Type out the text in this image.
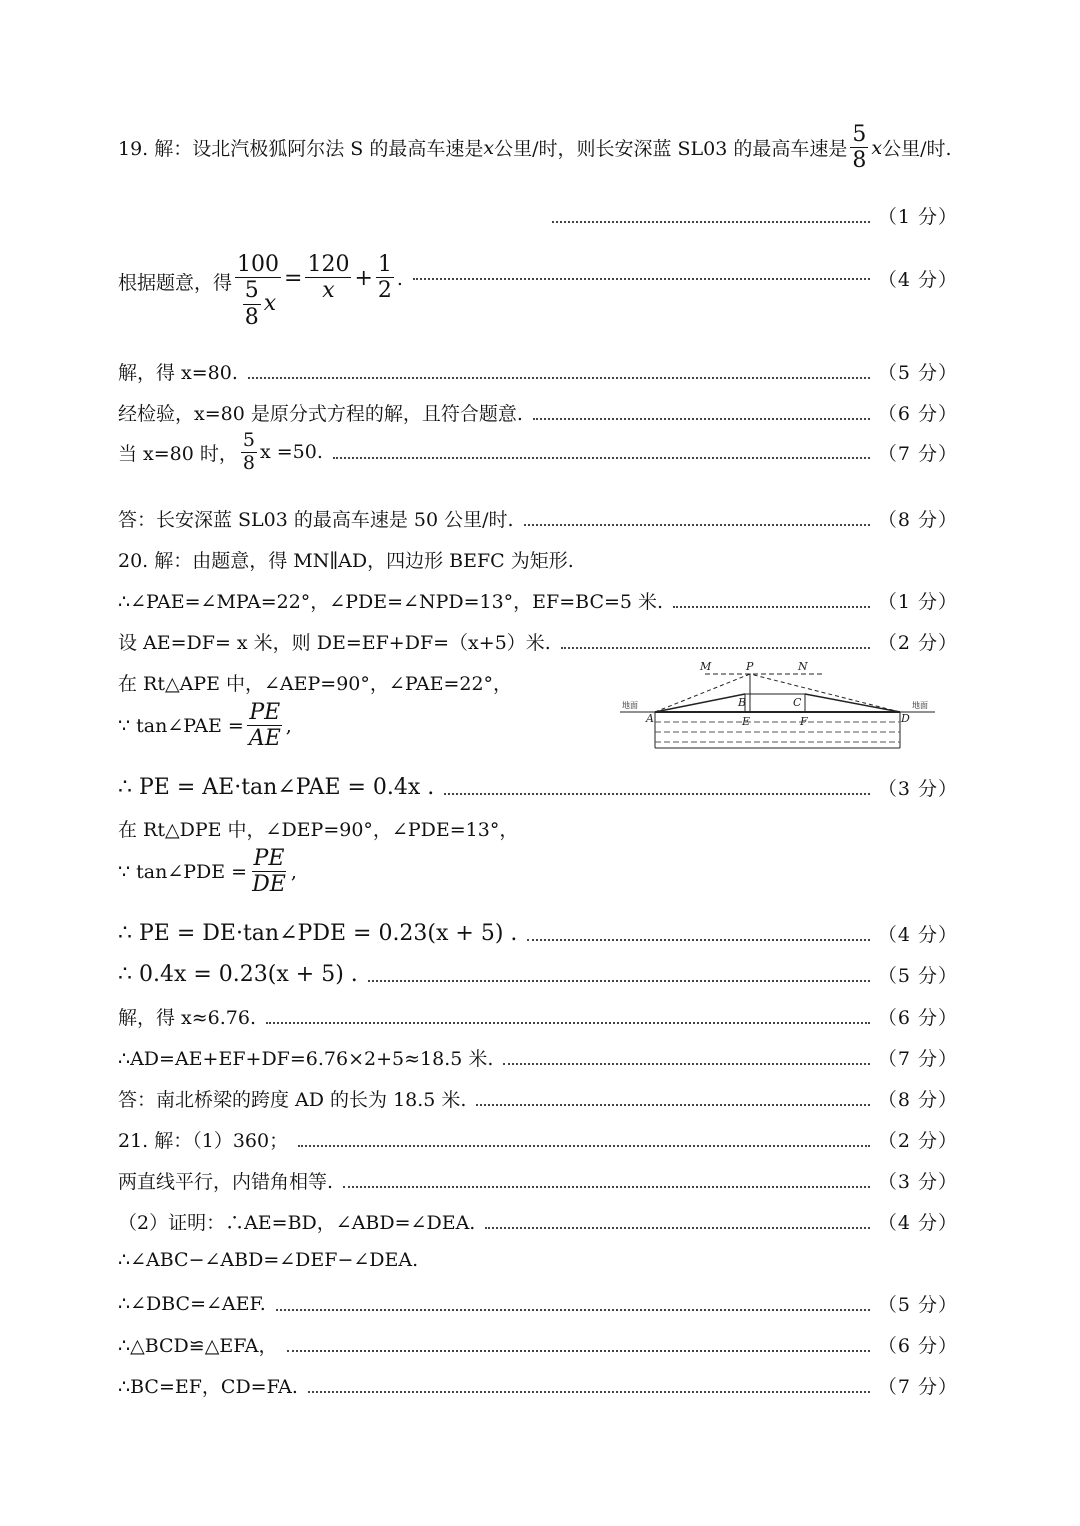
19. 解：设北汽极狐阿尔法 S 的最高车速是 x 公里/时，则长安深蓝 SL03 的最高车速是 $\frac{5}{8}$ x 公里/时.
（1 分）
根据题意，得 $\frac{100}{\frac{5}{8} x} = \frac{120}{x} + \frac{1}{2}$ .	（4 分）
解，得 x=80.	（5 分）
经检验，x=80 是原分式方程的解，且符合题意.	（6 分）
当 x=80 时， $\frac{5}{8}$ x =50.	（7 分）
答：长安深蓝 SL03 的最高车速是 50 公里/时.	（8 分）
20. 解：由题意，得 MN∥AD，四边形 BEFC 为矩形.
∴∠PAE=∠MPA=22°，∠PDE=∠NPD=13°，EF=BC=5 米.	（1 分）
设 AE=DF= x 米，则 DE=EF+DF=（x+5）米.	（2 分）
在 Rt△APE 中，∠AEP=90°，∠PAE=22°，
∵ tan∠PAE = $\frac{PE}{AE}$ ,
M	P	N
B	C
A	E	F	D
地面	地面
∴ PE = AE·tan∠PAE = 0.4x .	（3 分）
在 Rt△DPE 中，∠DEP=90°，∠PDE=13°，
∵ tan∠PDE = $\frac{PE}{DE}$ ,
∴ PE = DE·tan∠PDE = 0.23(x + 5) .	（4 分）
∴ 0.4x = 0.23(x + 5) .	（5 分）
解，得 x≈6.76.	（6 分）
∴AD=AE+EF+DF=6.76×2+5≈18.5 米.	（7 分）
答：南北桥梁的跨度 AD 的长为 18.5 米.	（8 分）
21. 解：（1）360；	（2 分）
两直线平行，内错角相等.	（3 分）
（2）证明：∴AE=BD，∠ABD=∠DEA.	（4 分）
∴∠ABC−∠ABD=∠DEF−∠DEA.
∴∠DBC=∠AEF.	（5 分）
∴△BCD≌△EFA，	（6 分）
∴BC=EF，CD=FA.	（7 分）
